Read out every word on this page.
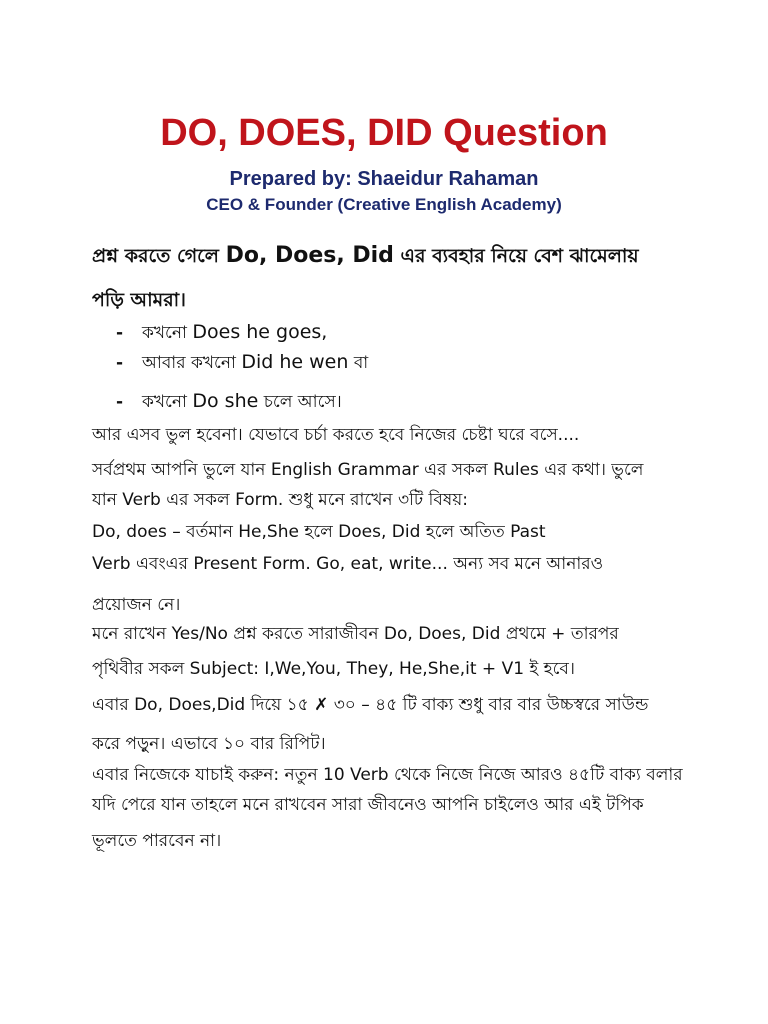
DO, DOES, DID Question
Prepared by: Shaeidur Rahaman
CEO & Founder (Creative English Academy)
প্রশ্ন করতে গেলে Do, Does, Did এর ব্যবহার নিয়ে বেশ ঝামেলায়
পড়ি আমরা।
-কখনো Does he goes,
-আবার কখনো Did he wen বা
-কখনো Do she চলে আসে।
আর এসব ভুল হবেনা। যেভাবে চর্চা করতে হবে নিজের চেষ্টা ঘরে বসে....
সর্বপ্রথম আপনি ভুলে যান English Grammar এর সকল Rules এর কথা। ভুলে
যান Verb এর সকল Form. শুধু মনে রাখেন ৩টি বিষয়:
Do, does – বর্তমান He,She হলে Does, Did হলে অতিত Past
Verb এবংএর Present Form. Go, eat, write... অন্য সব মনে আনারও
প্রয়োজন নে।
মনে রাখেন Yes/No প্রশ্ন করতে সারাজীবন Do, Does, Did প্রথমে + তারপর
পৃথিবীর সকল Subject: I,We,You, They, He,She,it + V1 ই হবে।
এবার Do, Does,Did দিয়ে ১৫ ✗ ৩০ – ৪৫ টি বাক্য শুধু বার বার উচ্চস্বরে সাউন্ড
করে পড়ুন। এভাবে ১০ বার রিপিট।
এবার নিজেকে যাচাই করুন: নতুন 10 Verb থেকে নিজে নিজে আরও ৪৫টি বাক্য বলার
যদি পেরে যান তাহলে মনে রাখবেন সারা জীবনেও আপনি চাইলেও আর এই টপিক
ভূলতে পারবেন না।
